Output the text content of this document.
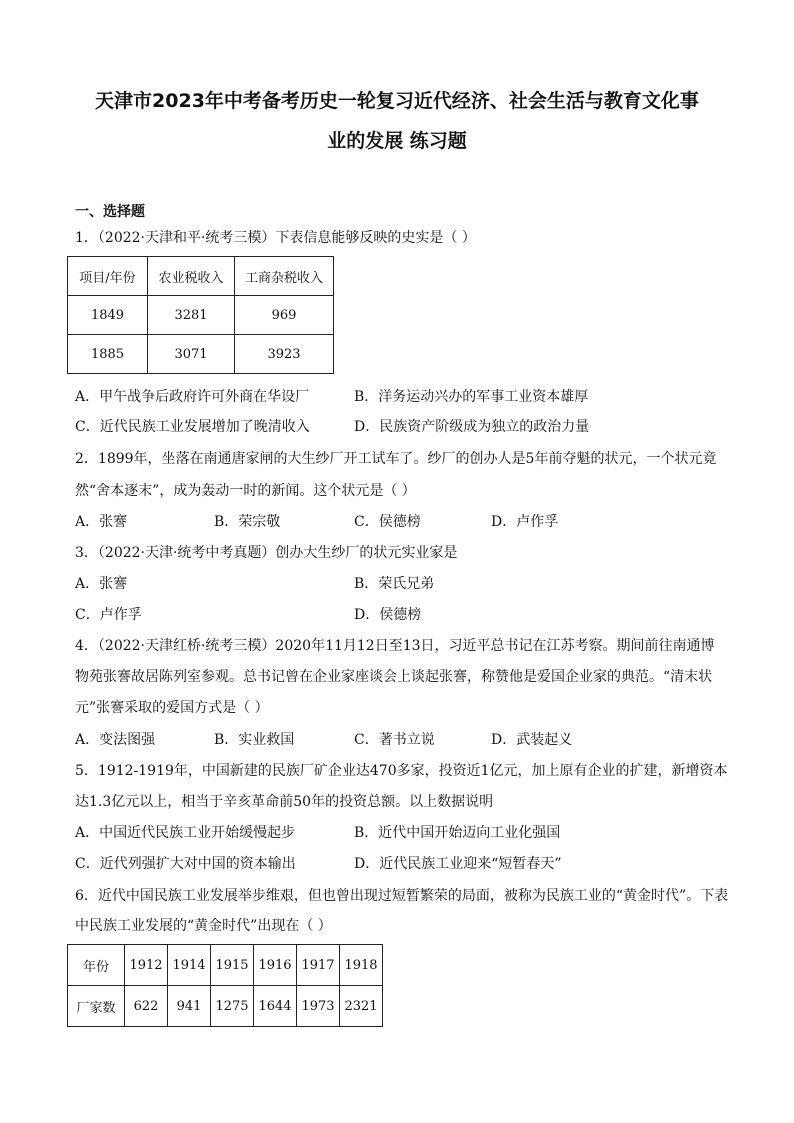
天津市2023年中考备考历史一轮复习近代经济、社会生活与教育文化事
业的发展 练习题
一、选择题
1．（2022·天津和平·统考三模）下表信息能够反映的史实是（ ）
项目/年份	农业税收入	工商杂税收入
1849	3281	969
1885	3071	3923
A．甲午战争后政府许可外商在华设厂	B．洋务运动兴办的军事工业资本雄厚
C．近代民族工业发展增加了晚清收入	D．民族资产阶级成为独立的政治力量
2．1899年，坐落在南通唐家闸的大生纱厂开工试车了。纱厂的创办人是5年前夺魁的状元，一个状元竟
然“舍本逐末”，成为轰动一时的新闻。这个状元是（ ）
A．张謇	B．荣宗敬	C．侯德榜	D．卢作孚
3．（2022·天津·统考中考真题）创办大生纱厂的状元实业家是
A．张謇	B．荣氏兄弟
C．卢作孚	D．侯德榜
4．（2022·天津红桥·统考三模）2020年11月12日至13日，习近平总书记在江苏考察。期间前往南通博
物苑张謇故居陈列室参观。总书记曾在企业家座谈会上谈起张謇，称赞他是爱国企业家的典范。“清末状
元”张謇采取的爱国方式是（ ）
A．变法图强	B．实业救国	C．著书立说	D．武装起义
5．1912-1919年，中国新建的民族厂矿企业达470多家，投资近1亿元，加上原有企业的扩建，新增资本
达1.3亿元以上，相当于辛亥革命前50年的投资总额。以上数据说明
A．中国近代民族工业开始缓慢起步	B．近代中国开始迈向工业化强国
C．近代列强扩大对中国的资本输出	D．近代民族工业迎来“短暂春天”
6．近代中国民族工业发展举步维艰，但也曾出现过短暂繁荣的局面，被称为民族工业的“黄金时代”。下表
中民族工业发展的“黄金时代”出现在（ ）
年份	1912	1914	1915	1916	1917	1918
厂家数	622	941	1275	1644	1973	2321
